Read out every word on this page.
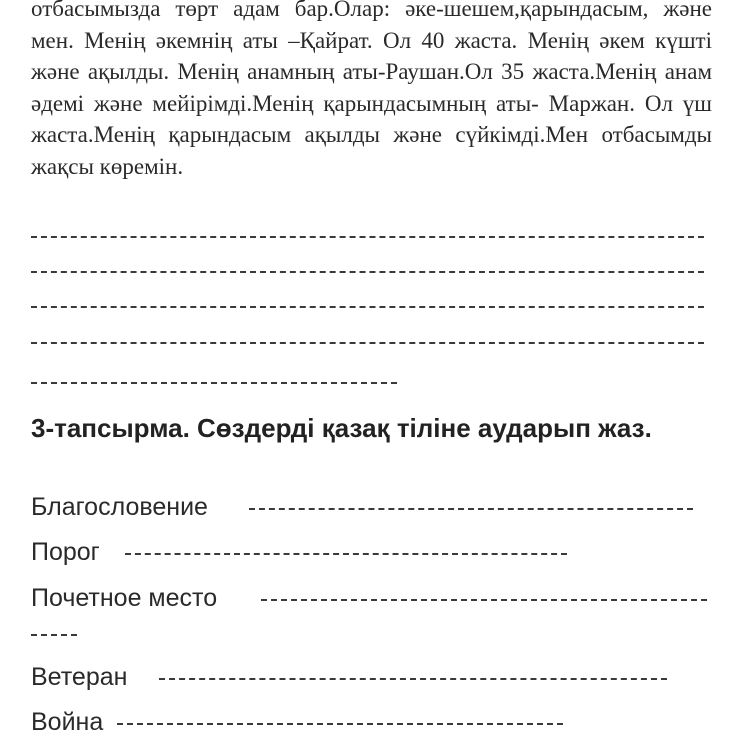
отбасымызда төрт адам бар.Олар: әке-шешем,қарындасым, және мен. Менің әкемнің аты –Қайрат. Ол 40 жаста. Менің әкем күшті және ақылды. Менің анамның аты-Раушан.Ол 35 жаста.Менің анам әдемі және мейірімді.Менің қарындасымның аты- Маржан. Ол үш жаста.Менің қарындасым ақылды және сүйкімді.Мен отбасымды жақсы көремін.

3-тапсырма. Сөздерді қазақ тіліне аударып жаз.
Благословение
Порог
Почетное место
Ветеран
Война
